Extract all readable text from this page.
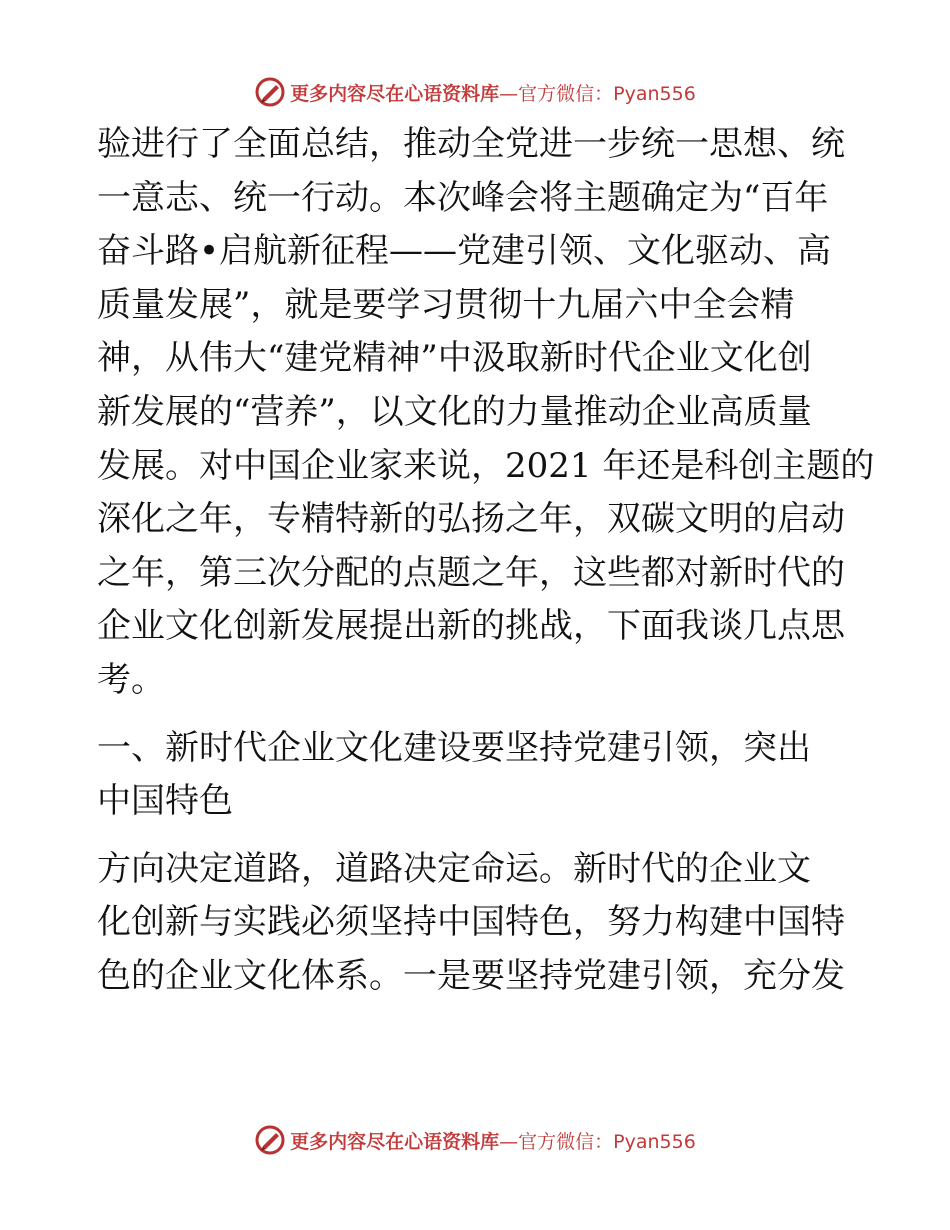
更多内容尽在心语资料库 —官方微信：Pyan556

验进行了全面总结，推动全党进一步统一思想、统
一意志、统一行动。本次峰会将主题确定为“百年
奋斗路•启航新征程——党建引领、文化驱动、高
质量发展”，就是要学习贯彻十九届六中全会精
神，从伟大“建党精神”中汲取新时代企业文化创
新发展的“营养”，以文化的力量推动企业高质量
发展。对中国企业家来说，2021 年还是科创主题的
深化之年，专精特新的弘扬之年，双碳文明的启动
之年，第三次分配的点题之年，这些都对新时代的
企业文化创新发展提出新的挑战，下面我谈几点思
考。

一、新时代企业文化建设要坚持党建引领，突出
中国特色

方向决定道路，道路决定命运。新时代的企业文
化创新与实践必须坚持中国特色，努力构建中国特
色的企业文化体系。一是要坚持党建引领，充分发

更多内容尽在心语资料库 —官方微信：Pyan556
